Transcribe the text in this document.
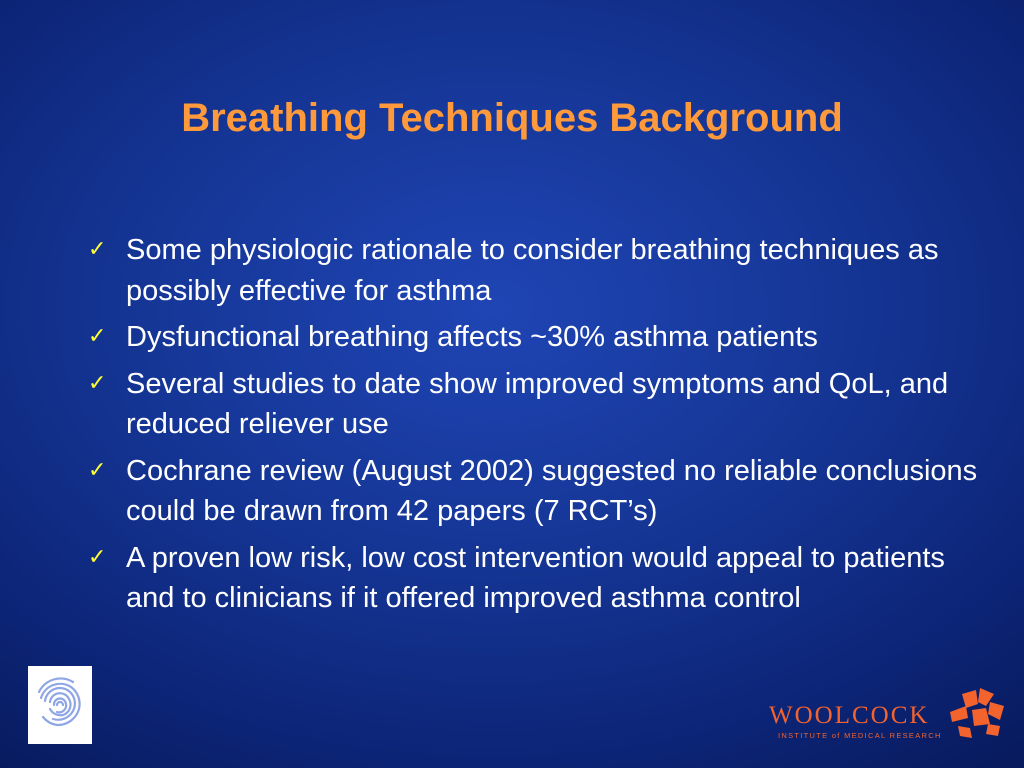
Breathing Techniques Background
✓ Some physiologic rationale to consider breathing techniques as possibly effective for asthma
✓ Dysfunctional breathing affects ~30% asthma patients
✓ Several studies to date show improved symptoms and QoL, and reduced reliever use
✓ Cochrane review (August 2002) suggested no reliable conclusions could be drawn from 42 papers (7 RCT’s)
✓ A proven low risk, low cost intervention would appeal to patients and to clinicians if it offered improved asthma control
WOOLCOCK
INSTITUTE of MEDICAL RESEARCH
